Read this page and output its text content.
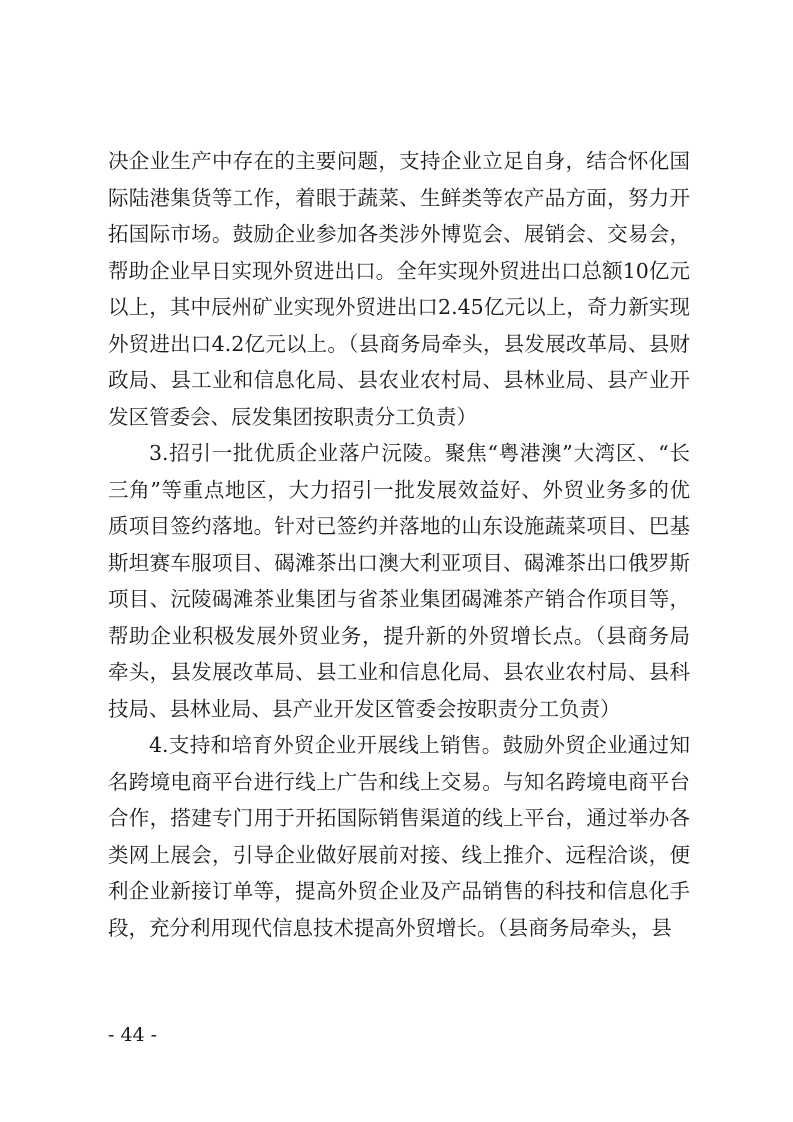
决企业生产中存在的主要问题，支持企业立足自身，结合怀化国际陆港集货等工作，着眼于蔬菜、生鲜类等农产品方面，努力开拓国际市场。鼓励企业参加各类涉外博览会、展销会、交易会，帮助企业早日实现外贸进出口。全年实现外贸进出口总额10亿元以上，其中辰州矿业实现外贸进出口2.45亿元以上，奇力新实现外贸进出口4.2亿元以上。（县商务局牵头，县发展改革局、县财政局、县工业和信息化局、县农业农村局、县林业局、县产业开发区管委会、辰发集团按职责分工负责）

3.招引一批优质企业落户沅陵。聚焦“粤港澳”大湾区、“长三角”等重点地区，大力招引一批发展效益好、外贸业务多的优质项目签约落地。针对已签约并落地的山东设施蔬菜项目、巴基斯坦赛车服项目、碣滩茶出口澳大利亚项目、碣滩茶出口俄罗斯项目、沅陵碣滩茶业集团与省茶业集团碣滩茶产销合作项目等，帮助企业积极发展外贸业务，提升新的外贸增长点。（县商务局牵头，县发展改革局、县工业和信息化局、县农业农村局、县科技局、县林业局、县产业开发区管委会按职责分工负责）

4.支持和培育外贸企业开展线上销售。鼓励外贸企业通过知名跨境电商平台进行线上广告和线上交易。与知名跨境电商平台合作，搭建专门用于开拓国际销售渠道的线上平台，通过举办各类网上展会，引导企业做好展前对接、线上推介、远程洽谈，便利企业新接订单等，提高外贸企业及产品销售的科技和信息化手段，充分利用现代信息技术提高外贸增长。（县商务局牵头，县

- 44 -
